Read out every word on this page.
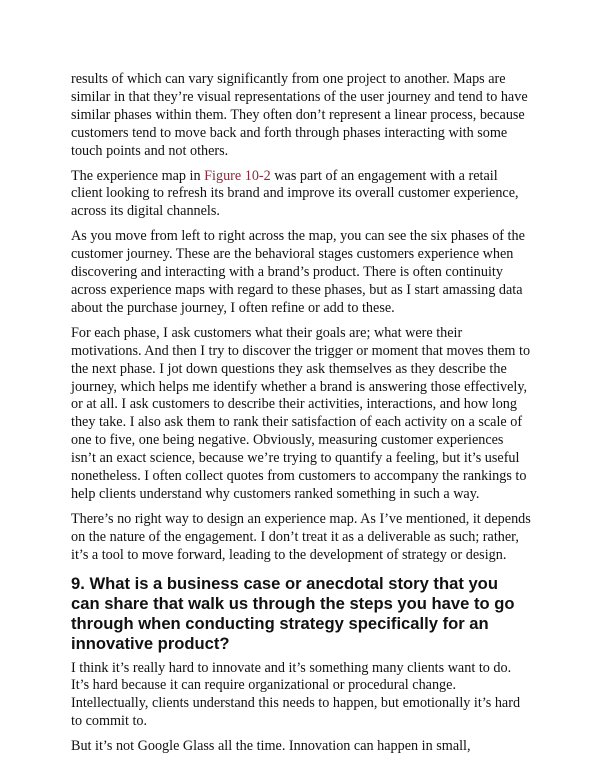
results of which can vary significantly from one project to another. Maps are similar in that they’re visual representations of the user journey and tend to have similar phases within them. They often don’t represent a linear process, because customers tend to move back and forth through phases interacting with some touch points and not others.

The experience map in Figure 10-2 was part of an engagement with a retail client looking to refresh its brand and improve its overall customer experience, across its digital channels.

As you move from left to right across the map, you can see the six phases of the customer journey. These are the behavioral stages customers experience when discovering and interacting with a brand’s product. There is often continuity across experience maps with regard to these phases, but as I start amassing data about the purchase journey, I often refine or add to these.

For each phase, I ask customers what their goals are; what were their motivations. And then I try to discover the trigger or moment that moves them to the next phase. I jot down questions they ask themselves as they describe the journey, which helps me identify whether a brand is answering those effectively, or at all. I ask customers to describe their activities, interactions, and how long they take. I also ask them to rank their satisfaction of each activity on a scale of one to five, one being negative. Obviously, measuring customer experiences isn’t an exact science, because we’re trying to quantify a feeling, but it’s useful nonetheless. I often collect quotes from customers to accompany the rankings to help clients understand why customers ranked something in such a way.

There’s no right way to design an experience map. As I’ve mentioned, it depends on the nature of the engagement. I don’t treat it as a deliverable as such; rather, it’s a tool to move forward, leading to the development of strategy or design.

9. What is a business case or anecdotal story that you can share that walk us through the steps you have to go through when conducting strategy specifically for an innovative product?

I think it’s really hard to innovate and it’s something many clients want to do. It’s hard because it can require organizational or procedural change. Intellectually, clients understand this needs to happen, but emotionally it’s hard to commit to.

But it’s not Google Glass all the time. Innovation can happen in small,
